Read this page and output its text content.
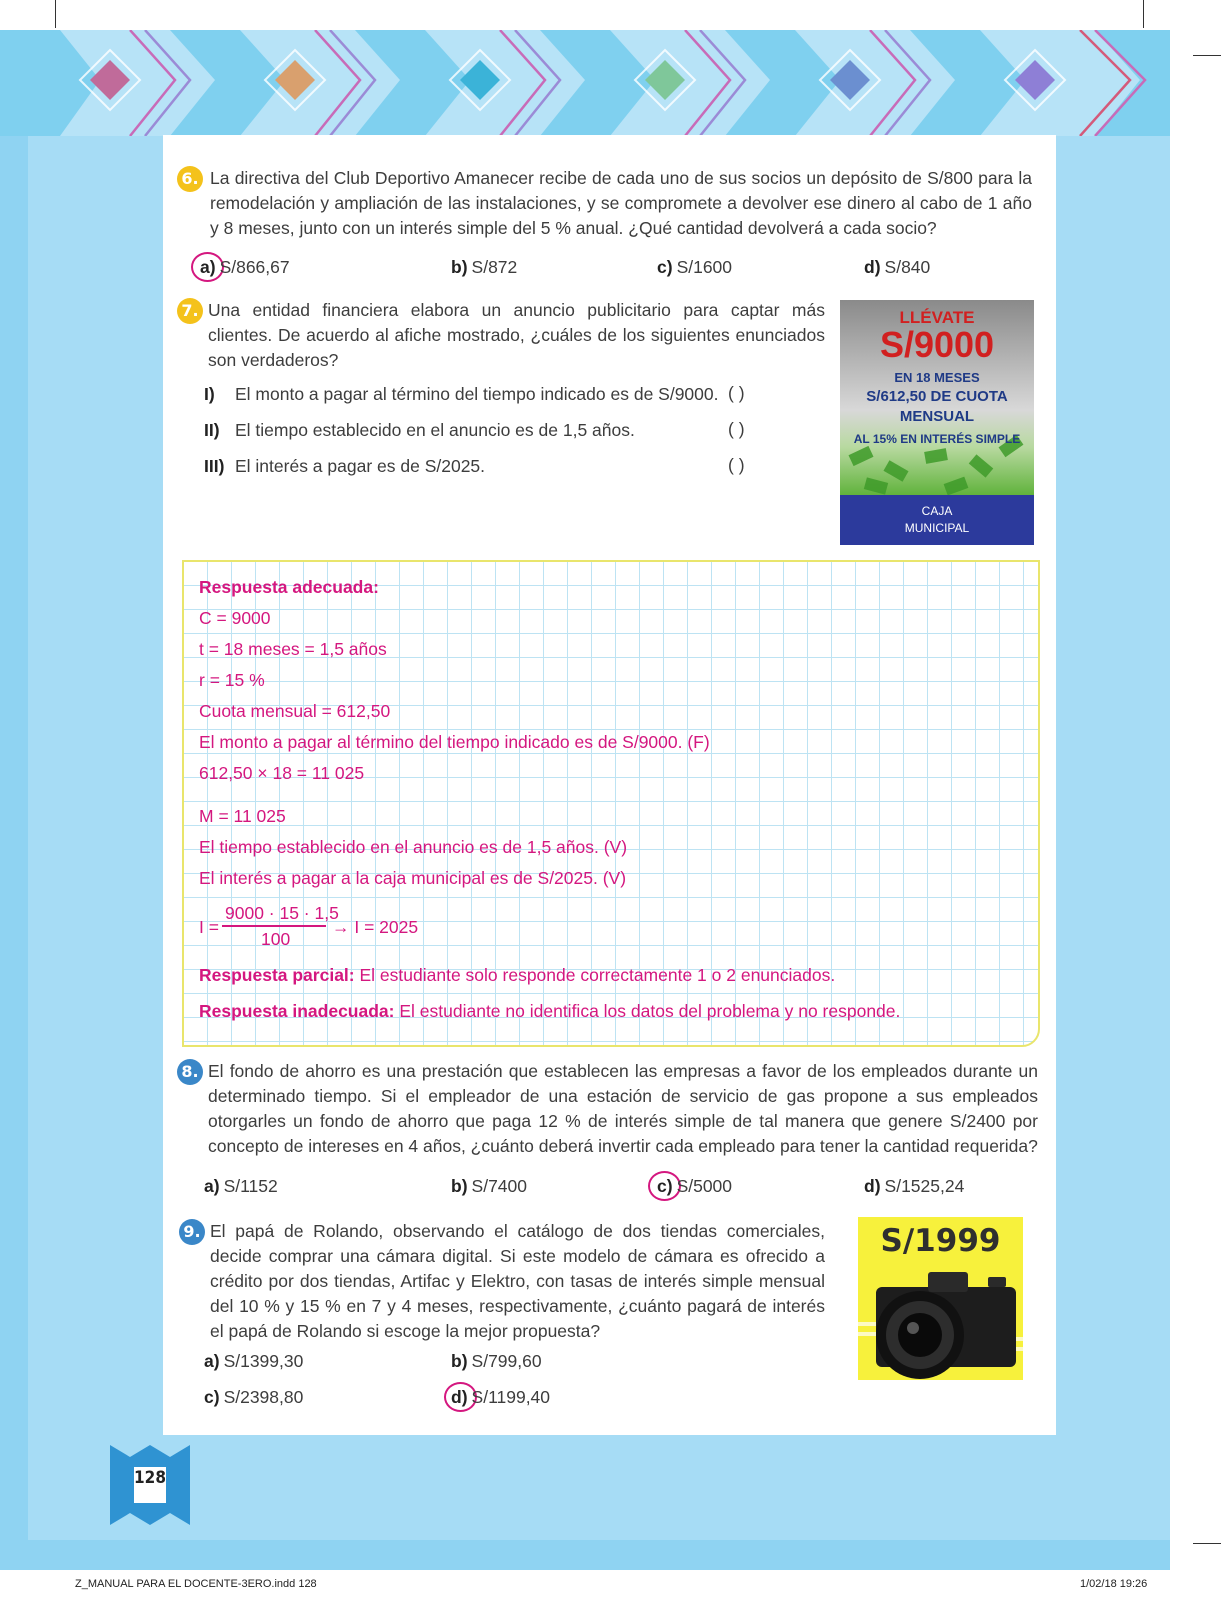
6. La directiva del Club Deportivo Amanecer recibe de cada uno de sus socios un depósito de S/800 para la remodelación y ampliación de las instalaciones, y se compromete a devolver ese dinero al cabo de 1 año y 8 meses, junto con un interés simple del 5 % anual. ¿Qué cantidad devolverá a cada socio?
a) S/866,67	b) S/872	c) S/1600	d) S/840
7. Una entidad financiera elabora un anuncio publicitario para captar más clientes. De acuerdo al afiche mostrado, ¿cuáles de los siguientes enunciados son verdaderos?
I) El monto a pagar al término del tiempo indicado es de S/9000. ( )
II) El tiempo establecido en el anuncio es de 1,5 años.	( )
III) El interés a pagar es de S/2025.	( )
LLÉVATE
S/9000
EN 18 MESES
S/612,50 DE CUOTA
MENSUAL
AL 15% EN INTERÉS SIMPLE
CAJA
MUNICIPAL
Respuesta adecuada:
C = 9000
t = 18 meses = 1,5 años
r = 15 %
Cuota mensual = 612,50
El monto a pagar al término del tiempo indicado es de S/9000. (F)
612,50 × 18 = 11 025
M = 11 025
El tiempo establecido en el anuncio es de 1,5 años. (V)
El interés a pagar a la caja municipal es de S/2025. (V)
I =
9000 · 15 · 1,5
100
→ I = 2025
Respuesta parcial: El estudiante solo responde correctamente 1 o 2 enunciados.
Respuesta inadecuada: El estudiante no identifica los datos del problema y no responde.
8. El fondo de ahorro es una prestación que establecen las empresas a favor de los empleados durante un determinado tiempo. Si el empleador de una estación de servicio de gas propone a sus empleados otorgarles un fondo de ahorro que paga 12 % de interés simple de tal manera que genere S/2400 por concepto de intereses en 4 años, ¿cuánto deberá invertir cada empleado para tener la cantidad requerida?
a) S/1152	b) S/7400	c) S/5000	d) S/1525,24
9. El papá de Rolando, observando el catálogo de dos tiendas comerciales, decide comprar una cámara digital. Si este modelo de cámara es ofrecido a crédito por dos tiendas, Artifac y Elektro, con tasas de interés simple mensual del 10 % y 15 % en 7 y 4 meses, respectivamente, ¿cuánto pagará de interés el papá de Rolando si escoge la mejor propuesta?
a) S/1399,30	b) S/799,60
c) S/2398,80	d) S/1199,40
S/1999
128
Z_MANUAL PARA EL DOCENTE-3ERO.indd 128	1/02/18 19:26
